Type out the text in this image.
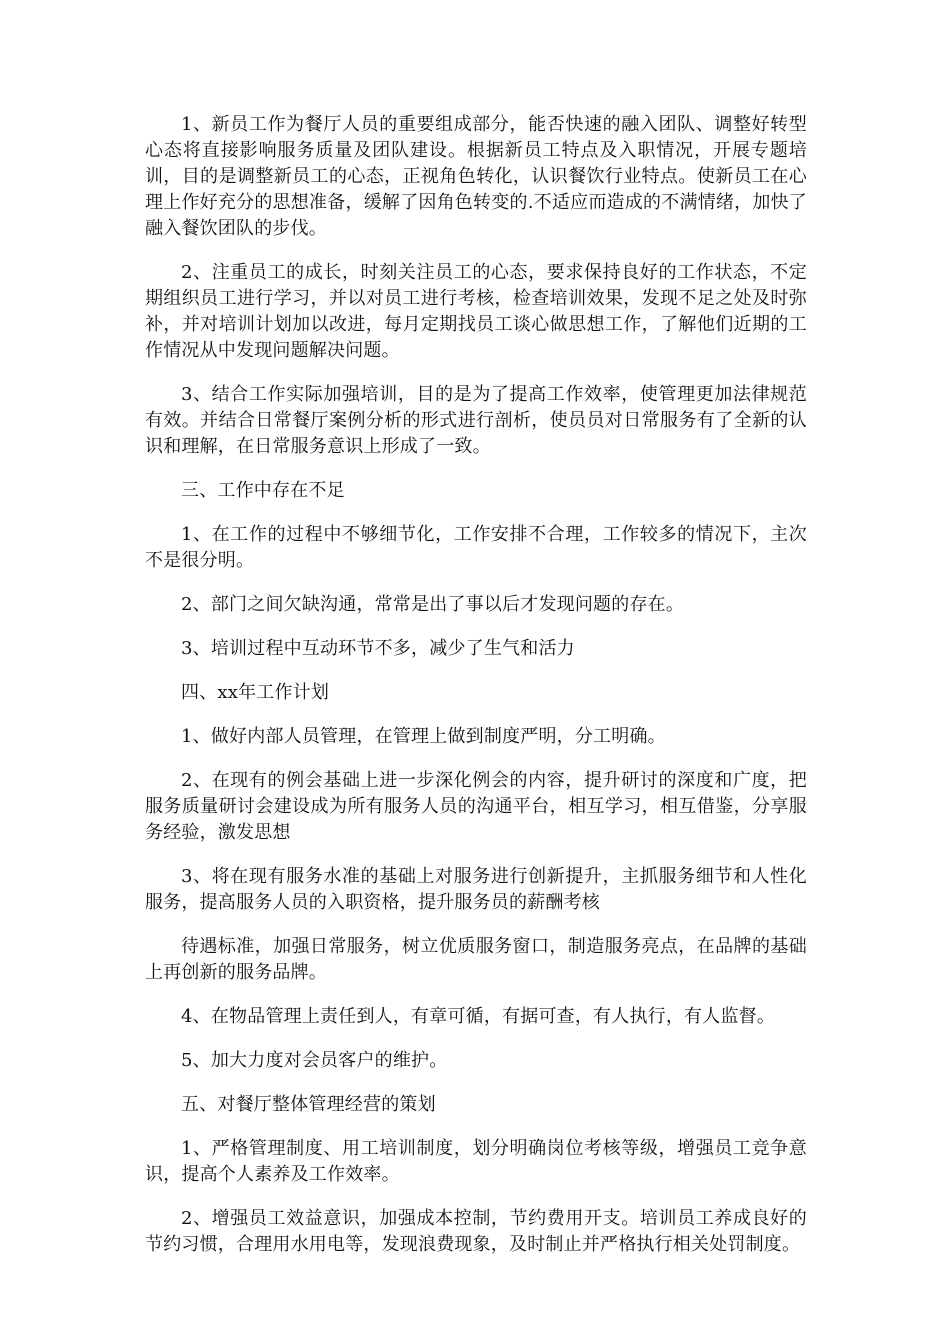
1、新员工作为餐厅人员的重要组成部分，能否快速的融入团队、调整好转型心态将直接影响服务质量及团队建设。根据新员工特点及入职情况，开展专题培训，目的是调整新员工的心态，正视角色转化，认识餐饮行业特点。使新员工在心理上作好充分的思想准备，缓解了因角色转变的.不适应而造成的不满情绪，加快了融入餐饮团队的步伐。

2、注重员工的成长，时刻关注员工的心态，要求保持良好的工作状态，不定期组织员工进行学习，并以对员工进行考核，检查培训效果，发现不足之处及时弥补，并对培训计划加以改进，每月定期找员工谈心做思想工作，了解他们近期的工作情况从中发现问题解决问题。

3、结合工作实际加强培训，目的是为了提高工作效率，使管理更加法律规范有效。并结合日常餐厅案例分析的形式进行剖析，使员员对日常服务有了全新的认识和理解，在日常服务意识上形成了一致。

三、工作中存在不足

1、在工作的过程中不够细节化，工作安排不合理，工作较多的情况下，主次不是很分明。

2、部门之间欠缺沟通，常常是出了事以后才发现问题的存在。

3、培训过程中互动环节不多，减少了生气和活力

四、xx年工作计划

1、做好内部人员管理，在管理上做到制度严明，分工明确。

2、在现有的例会基础上进一步深化例会的内容，提升研讨的深度和广度，把服务质量研讨会建设成为所有服务人员的沟通平台，相互学习，相互借鉴，分享服务经验，激发思想

3、将在现有服务水准的基础上对服务进行创新提升，主抓服务细节和人性化服务，提高服务人员的入职资格，提升服务员的薪酬考核

待遇标准，加强日常服务，树立优质服务窗口，制造服务亮点，在品牌的基础上再创新的服务品牌。

4、在物品管理上责任到人，有章可循，有据可查，有人执行，有人监督。

5、加大力度对会员客户的维护。

五、对餐厅整体管理经营的策划

1、严格管理制度、用工培训制度，划分明确岗位考核等级，增强员工竞争意识，提高个人素养及工作效率。

2、增强员工效益意识，加强成本控制，节约费用开支。培训员工养成良好的节约习惯，合理用水用电等，发现浪费现象，及时制止并严格执行相关处罚制度。
